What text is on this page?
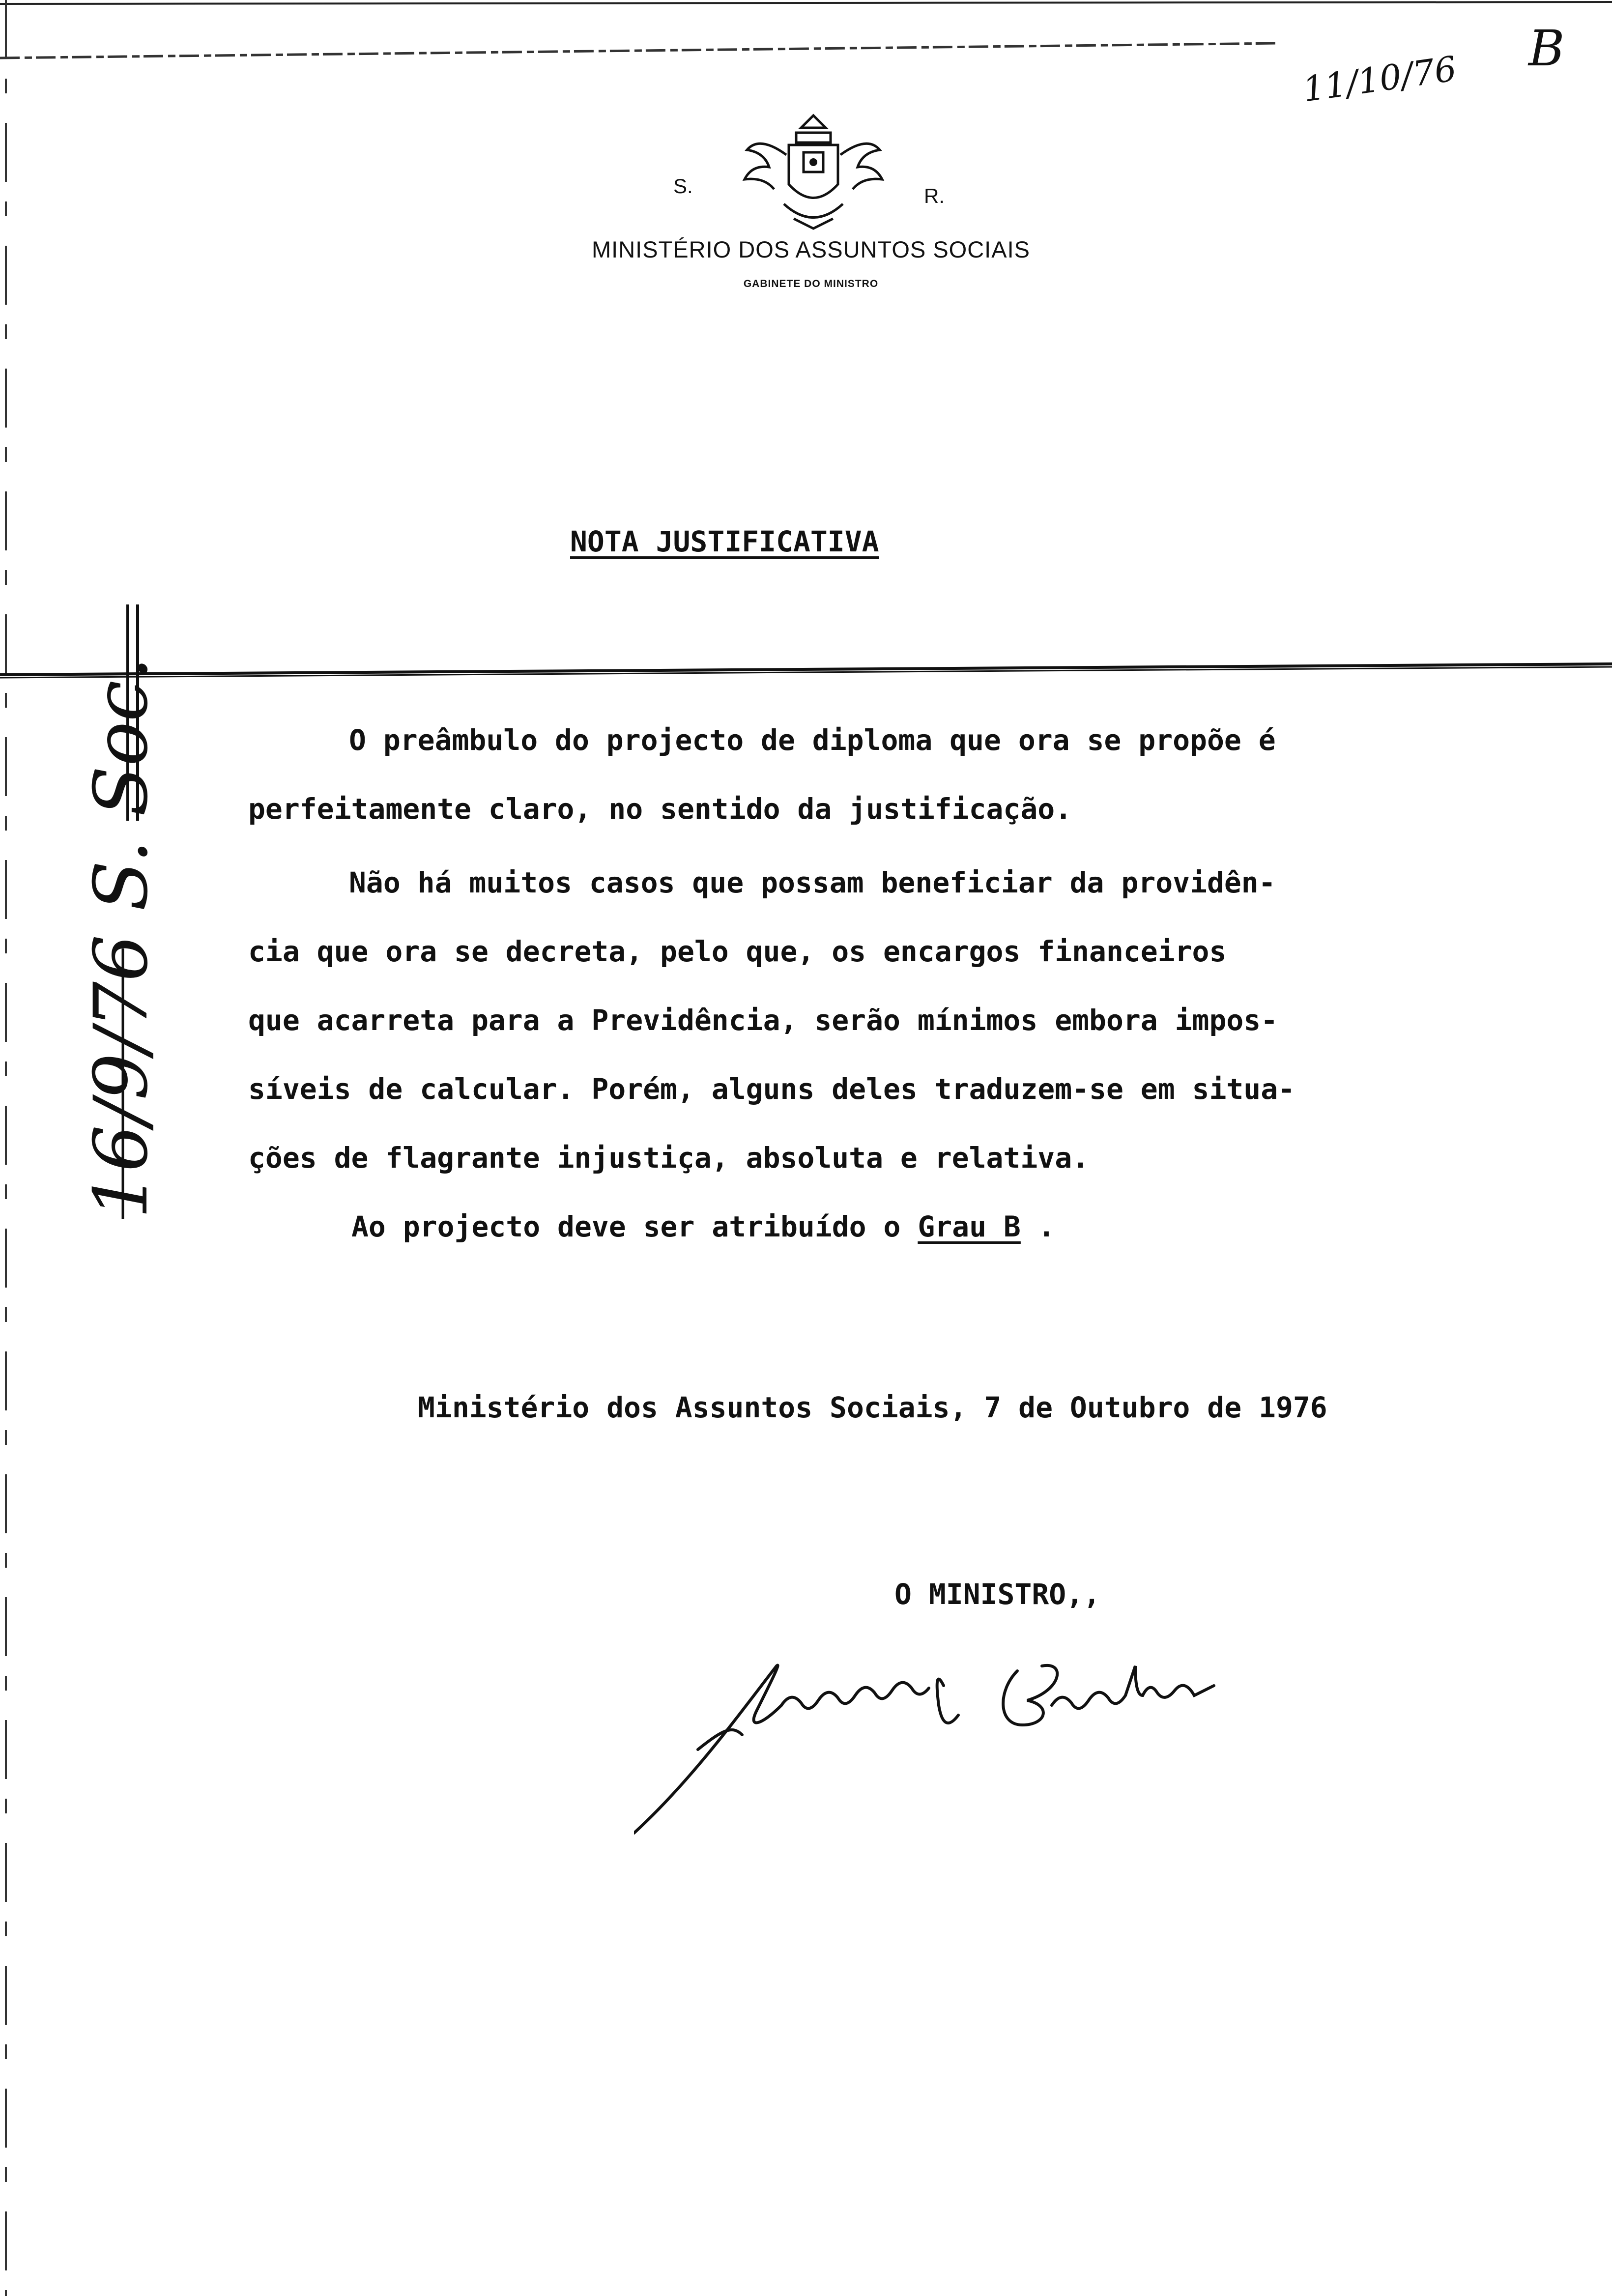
11/10/76
B
S.	R.
MINISTÉRIO DOS ASSUNTOS SOCIAIS
GABINETE DO MINISTRO
16/9/76 S. Soc.
NOTA JUSTIFICATIVA
O preâmbulo do projecto de diploma que ora se propõe é
perfeitamente claro, no sentido da justificação.
Não há muitos casos que possam beneficiar da providên-
cia que ora se decreta, pelo que, os encargos financeiros
que acarreta para a Previdência, serão mínimos embora impos-
síveis de calcular. Porém, alguns deles traduzem-se em situa-
ções de flagrante injustiça, absoluta e relativa.
Ao projecto deve ser atribuído o Grau B .
Ministério dos Assuntos Sociais, 7 de Outubro de 1976
O MINISTRO,,
